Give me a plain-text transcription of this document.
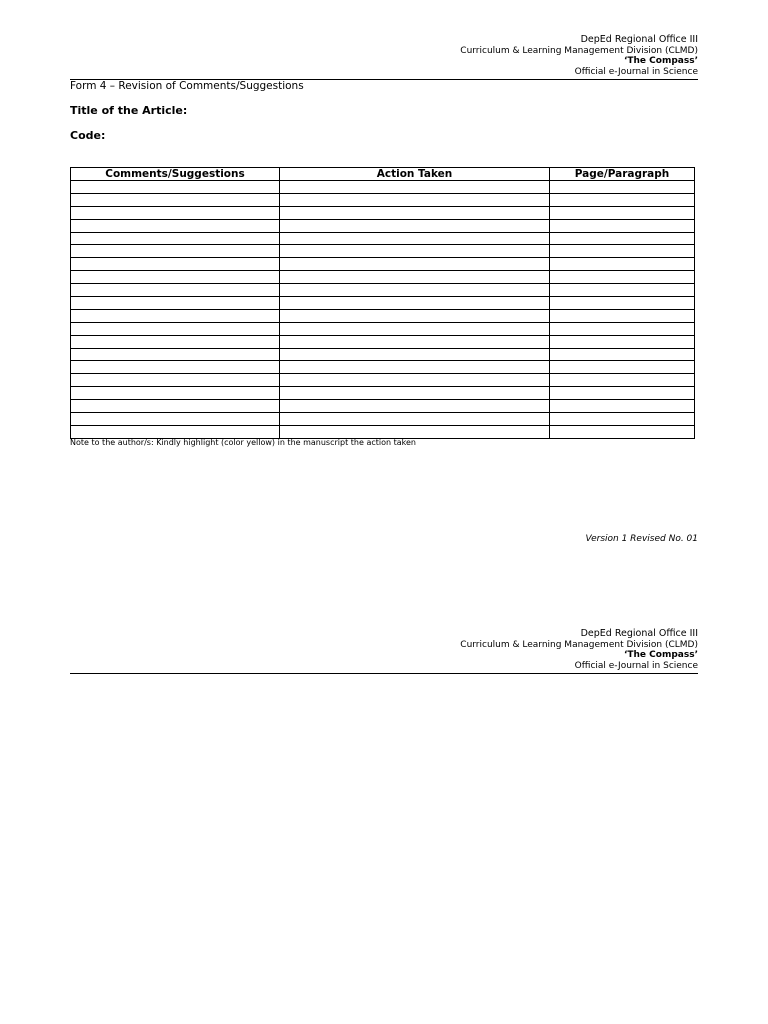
DepEd Regional Office III
Curriculum & Learning Management Division (CLMD)
‘The Compass’
Official e-Journal in Science
Form 4 – Revision of Comments/Suggestions
Title of the Article:
Code:
Comments/Suggestions	Action Taken	Page/Paragraph

Note to the author/s: Kindly highlight (color yellow) in the manuscript the action taken
Version 1 Revised No. 01
DepEd Regional Office III
Curriculum & Learning Management Division (CLMD)
‘The Compass’
Official e-Journal in Science
